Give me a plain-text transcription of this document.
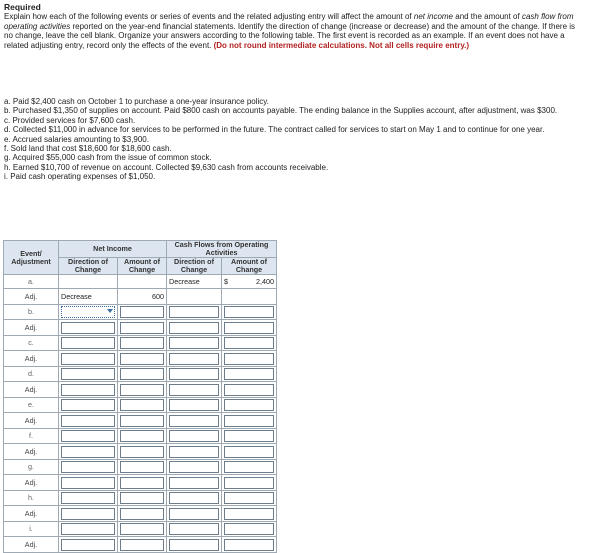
Required

Explain how each of the following events or series of events and the related adjusting entry will affect the amount of net income and the amount of cash flow from operating activities reported on the year-end financial statements. Identify the direction of change (increase or decrease) and the amount of the change. If there is no change, leave the cell blank. Organize your answers according to the following table. The first event is recorded as an example. If an event does not have a related adjusting entry, record only the effects of the event. (Do not round intermediate calculations. Not all cells require entry.)

a. Paid $2,400 cash on October 1 to purchase a one-year insurance policy.
b. Purchased $1,350 of supplies on account. Paid $800 cash on accounts payable. The ending balance in the Supplies account, after adjustment, was $300.
c. Provided services for $7,600 cash.
d. Collected $11,000 in advance for services to be performed in the future. The contract called for services to start on May 1 and to continue for one year.
e. Accrued salaries amounting to $3,900.
f. Sold land that cost $18,600 for $18,600 cash.
g. Acquired $55,000 cash from the issue of common stock.
h. Earned $10,700 of revenue on account. Collected $9,630 cash from accounts receivable.
i. Paid cash operating expenses of $1,050.
Event/ Adjustment	Net Income		Cash Flows from Operating Activities	
	Direction of Change	Amount of Change	Direction of Change	Amount of Change
a.			Decrease	$ 2,400

Adj.	Decrease	600		
b.	

Adj.	

c.	

Adj.	

d.	

Adj.	

e.	

Adj.	

f.	

Adj.	

g.	

Adj.	

h.	

Adj.	

i.	

Adj.	
